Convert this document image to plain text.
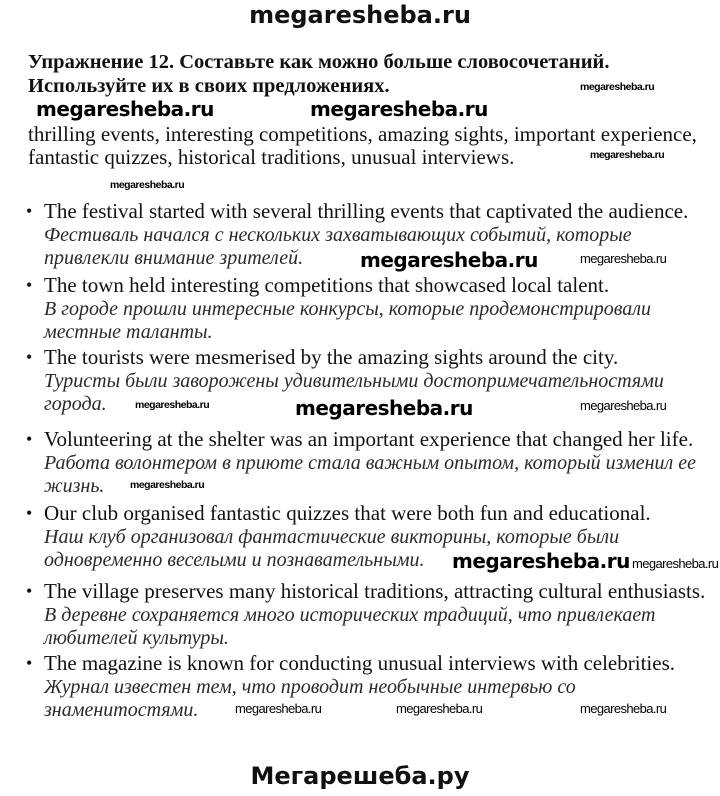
megaresheba.ru
Упражнение 12. Составьте как можно больше словосочетаний.
Используйте их в своих предложениях.
thrilling events, interesting competitions, amazing sights, important experience,
fantastic quizzes, historical traditions, unusual interviews.
• The festival started with several thrilling events that captivated the audience.
Фестиваль начался с нескольких захватывающих событий, которые
привлекли внимание зрителей.
• The town held interesting competitions that showcased local talent.
В городе прошли интересные конкурсы, которые продемонстрировали
местные таланты.
• The tourists were mesmerised by the amazing sights around the city.
Туристы были заворожены удивительными достопримечательностями
города.
• Volunteering at the shelter was an important experience that changed her life.
Работа волонтером в приюте стала важным опытом, который изменил ее
жизнь.
• Our club organised fantastic quizzes that were both fun and educational.
Наш клуб организовал фантастические викторины, которые были
одновременно веселыми и познавательными.
• The village preserves many historical traditions, attracting cultural enthusiasts.
В деревне сохраняется много исторических традиций, что привлекает
любителей культуры.
• The magazine is known for conducting unusual interviews with celebrities.
Журнал известен тем, что проводит необычные интервью со
знаменитостями.
megaresheba.ru
megaresheba.ru	megaresheba.ru
megaresheba.ru
megaresheba.ru
megaresheba.ru	megaresheba.ru
megaresheba.ru	megaresheba.ru	megaresheba.ru
megaresheba.ru
megaresheba.ru megaresheba.ru
megaresheba.ru	megaresheba.ru	megaresheba.ru
Мегарешеба.ру
